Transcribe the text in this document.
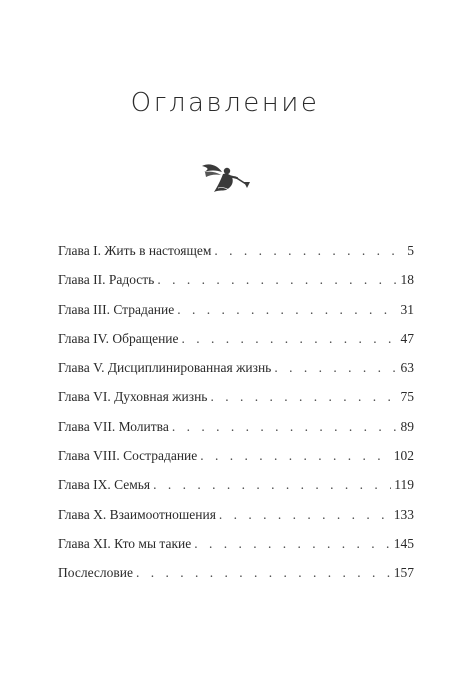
Оглавление
Глава I. Жить в настоящем . . .	5
Глава II. Радость . . .	18
Глава III. Страдание . . .	31
Глава IV. Обращение . . .	47
Глава V. Дисциплинированная жизнь . . .	63
Глава VI. Духовная жизнь . . .	75
Глава VII. Молитва . . .	89
Глава VIII. Сострадание . . .	102
Глава IX. Семья . . .	119
Глава X. Взаимоотношения . . .	133
Глава XI. Кто мы такие . . .	145
Послесловие . . .	157
